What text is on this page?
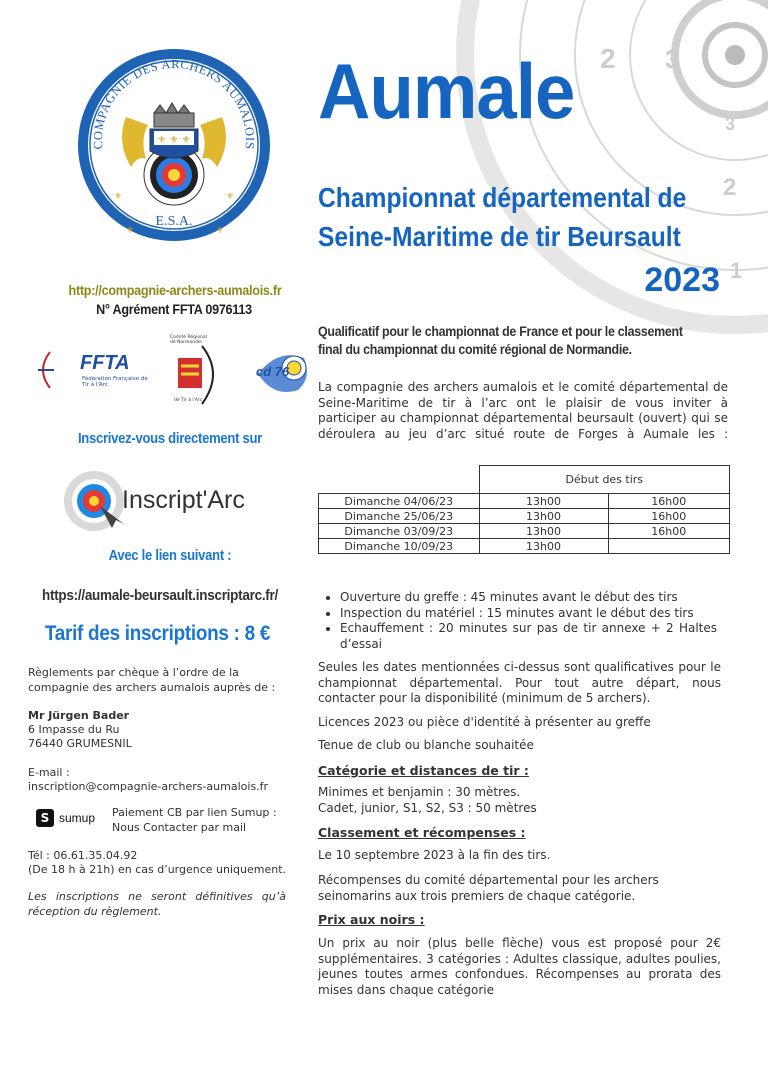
2 3
2
3
1
COMPAGNIE DES ARCHERS AUMALOIS
⚜ ⚜ ⚜
⚜	⚜
⚜	⚜
E.S.A.
Aumale
Championnat départemental de
Seine-Maritime de tir Beursault
2023
Qualificatif pour le championnat de France et pour le classement final du championnat du comité régional de Normandie.
La compagnie des archers aumalois et le comité départemental de Seine-Maritime de tir à l’arc ont le plaisir de vous inviter à participer au championnat départemental beursault (ouvert) qui se déroulera au jeu d’arc situé route de Forges à Aumale les :
	Début des tirs	
Dimanche 04/06/23	13h00	16h00
Dimanche 25/06/23	13h00	16h00
Dimanche 03/09/23	13h00	16h00
Dimanche 10/09/23	13h00	
• Ouverture du greffe : 45 minutes avant le début des tirs
• Inspection du matériel : 15 minutes avant le début des tirs
• Echauffement : 20 minutes sur pas de tir annexe + 2 Haltes d’essai
Seules les dates mentionnées ci-dessus sont qualificatives pour le championnat départemental. Pour tout autre départ, nous contacter pour la disponibilité (minimum de 5 archers).
Licences 2023 ou pièce d'identité à présenter au greffe
Tenue de club ou blanche souhaitée
Catégorie et distances de tir :
Minimes et benjamin : 30 mètres.
Cadet, junior, S1, S2, S3 : 50 mètres
Classement et récompenses :
Le 10 septembre 2023 à la fin des tirs.
Récompenses du comité départemental pour les archers seinomarins aux trois premiers de chaque catégorie.
Prix aux noirs :
Un prix au noir (plus belle flèche) vous est proposé pour 2€ supplémentaires. 3 catégories : Adultes classique, adultes poulies, jeunes toutes armes confondues. Récompenses au prorata des mises dans chaque catégorie
http://compagnie-archers-aumalois.fr
N° Agrément FFTA 0976113
FFTA
Fédération Française de Tir à l'Arc
Comité Régional de Normandie
de Tir à l'Arc
cd 76
Inscrivez-vous directement sur
Inscript'Arc
Avec le lien suivant :
https://aumale-beursault.inscriptarc.fr/
Tarif des inscriptions : 8 €
Règlements par chèque à l’ordre de la compagnie des archers aumalois auprès de :
Mr Jürgen Bader
6 Impasse du Ru
76440 GRUMESNIL
E-mail :
inscription@compagnie-archers-aumalois.fr
S sumup Paiement CB par lien Sumup : Nous Contacter par mail
Tél : 06.61.35.04.92
(De 18 h à 21h) en cas d’urgence uniquement.
Les inscriptions ne seront définitives qu’à réception du règlement.
